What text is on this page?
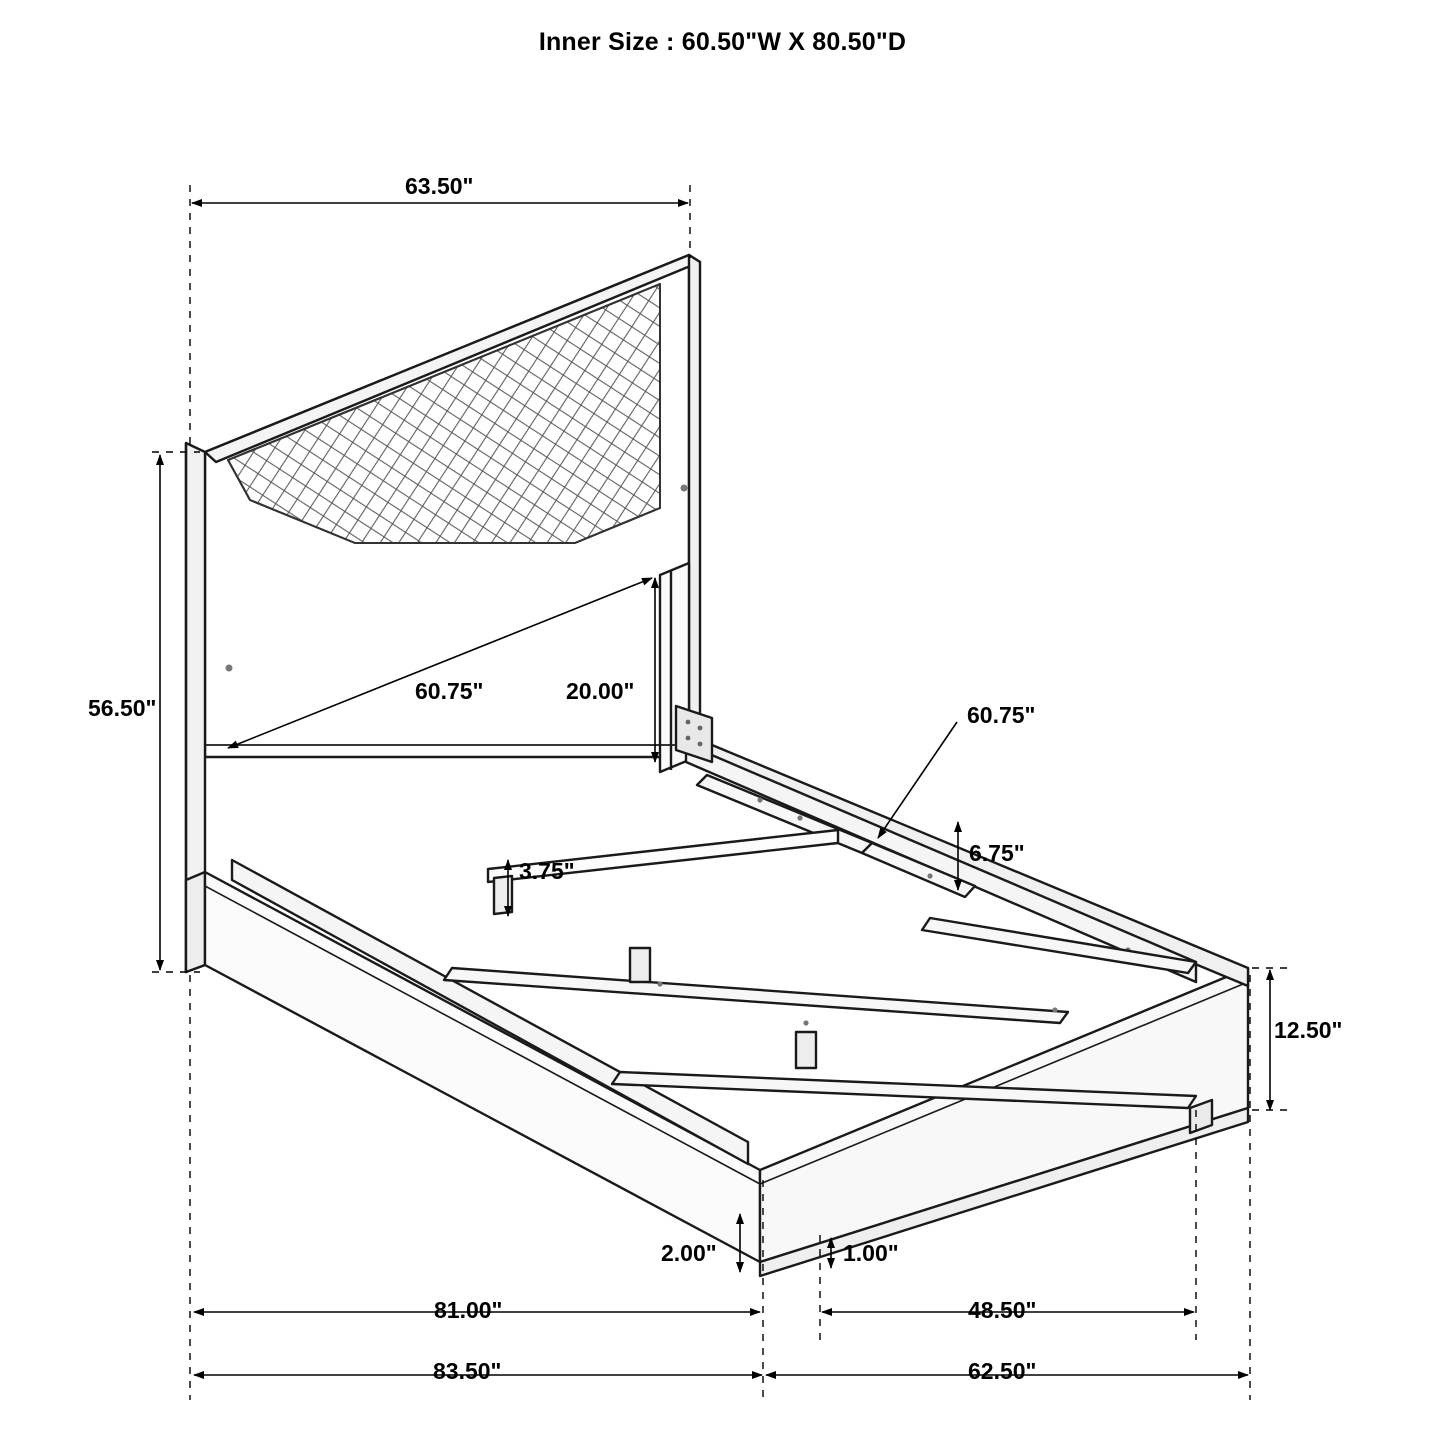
Inner Size : 60.50"W X 80.50"D
63.50"
56.50"
60.75"	20.00"
60.75"
6.75"
3.75"
12.50"
2.00"	1.00"
81.00"	48.50"
83.50"	62.50"
